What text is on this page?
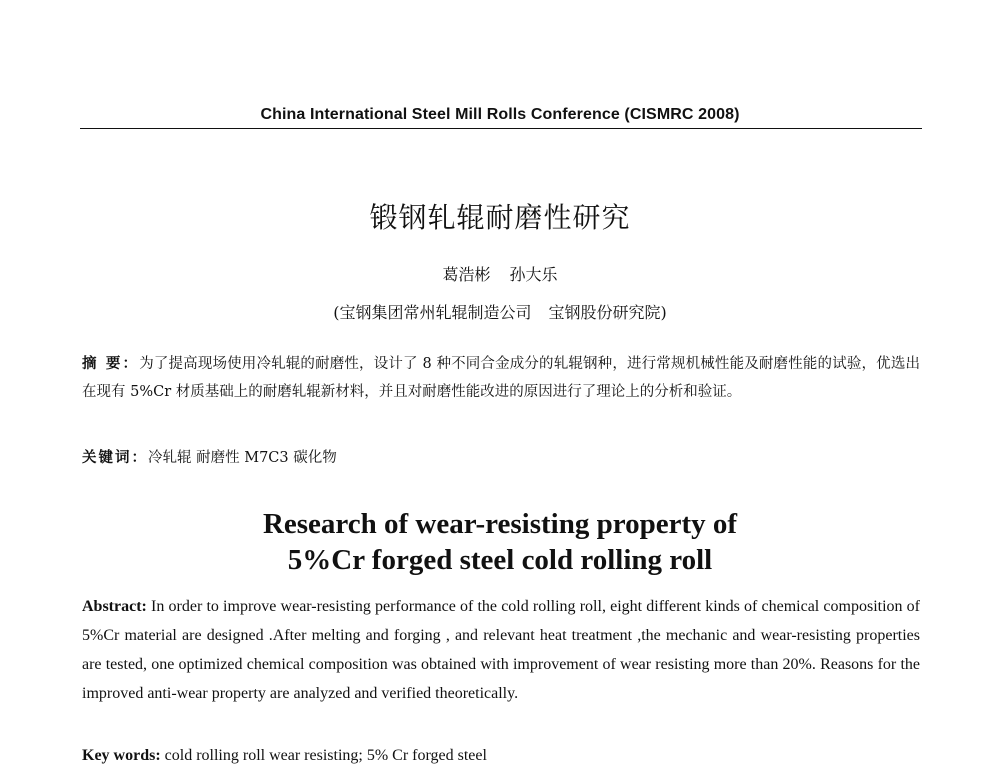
China International Steel Mill Rolls Conference (CISMRC 2008)
锻钢轧辊耐磨性研究
葛浩彬 孙大乐
(宝钢集团常州轧辊制造公司 宝钢股份研究院)
摘 要：为了提高现场使用冷轧辊的耐磨性，设计了 8 种不同合金成分的轧辊钢种，进行常规机械性能及耐磨性能的试验，优选出在现有 5%Cr 材质基础上的耐磨轧辊新材料，并且对耐磨性能改进的原因进行了理论上的分析和验证。
关键词：冷轧辊 耐磨性 M7C3 碳化物
Research of wear-resisting property of
5%Cr forged steel cold rolling roll
Abstract: In order to improve wear-resisting performance of the cold rolling roll, eight different kinds of chemical composition of 5%Cr material are designed .After melting and forging , and relevant heat treatment ,the mechanic and wear-resisting properties are tested, one optimized chemical composition was obtained with improvement of wear resisting more than 20%. Reasons for the improved anti-wear property are analyzed and verified theoretically.
Key words: cold rolling roll wear resisting; 5% Cr forged steel
